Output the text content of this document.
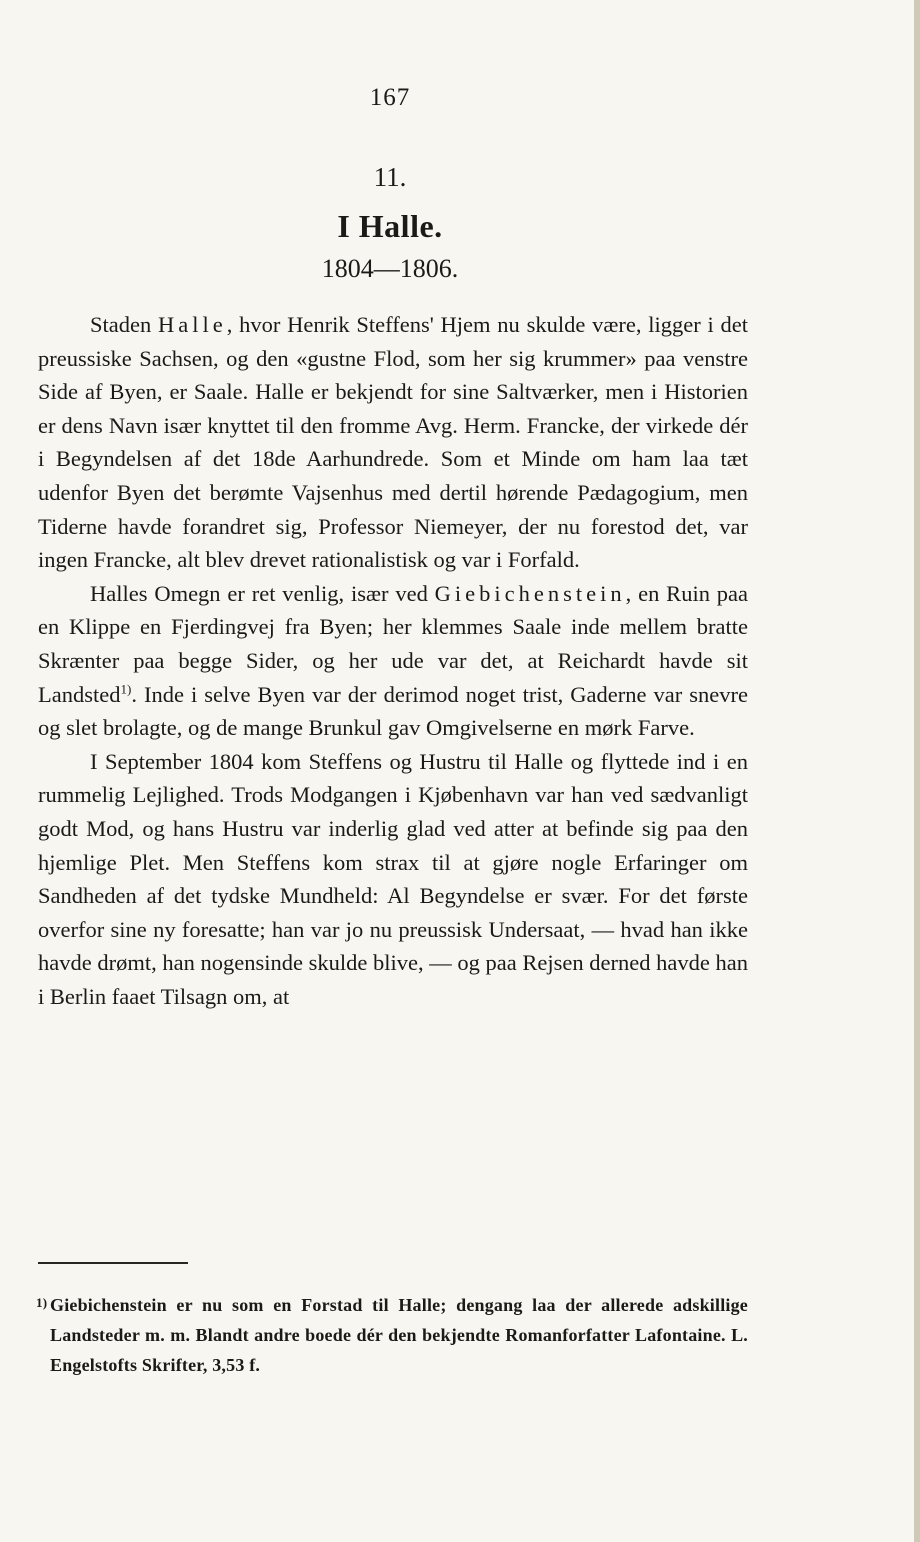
167
11.
I Halle.
1804—1806.

Staden Halle, hvor Henrik Steffens' Hjem nu skulde være, ligger i det preussiske Sachsen, og den «gustne Flod, som her sig krummer» paa venstre Side af Byen, er Saale. Halle er bekjendt for sine Saltværker, men i Historien er dens Navn især knyttet til den fromme Avg. Herm. Francke, der virkede dér i Begyndelsen af det 18de Aarhundrede. Som et Minde om ham laa tæt udenfor Byen det berømte Vajsenhus med dertil hørende Pædagogium, men Tiderne havde forandret sig, Professor Niemeyer, der nu forestod det, var ingen Francke, alt blev drevet rationalistisk og var i Forfald.

Halles Omegn er ret venlig, især ved Giebichenstein, en Ruin paa en Klippe en Fjerdingvej fra Byen; her klemmes Saale inde mellem bratte Skrænter paa begge Sider, og her ude var det, at Reichardt havde sit Landsted$^{1)}$. Inde i selve Byen var der derimod noget trist, Gaderne var snevre og slet brolagte, og de mange Brunkul gav Omgivelserne en mørk Farve.

I September 1804 kom Steffens og Hustru til Halle og flyttede ind i en rummelig Lejlighed. Trods Modgangen i Kjøbenhavn var han ved sædvanligt godt Mod, og hans Hustru var inderlig glad ved atter at befinde sig paa den hjemlige Plet. Men Steffens kom strax til at gjøre nogle Erfaringer om Sandheden af det tydske Mundheld: Al Begyndelse er svær. For det første overfor sine ny foresatte; han var jo nu preussisk Undersaat, — hvad han ikke havde drømt, han nogensinde skulde blive, — og paa Rejsen derned havde han i Berlin faaet Tilsagn om, at

1) Giebichenstein er nu som en Forstad til Halle; dengang laa der allerede adskillige Landsteder m. m. Blandt andre boede dér den bekjendte Romanforfatter Lafontaine. L. Engelstofts Skrifter, 3,53 f.
